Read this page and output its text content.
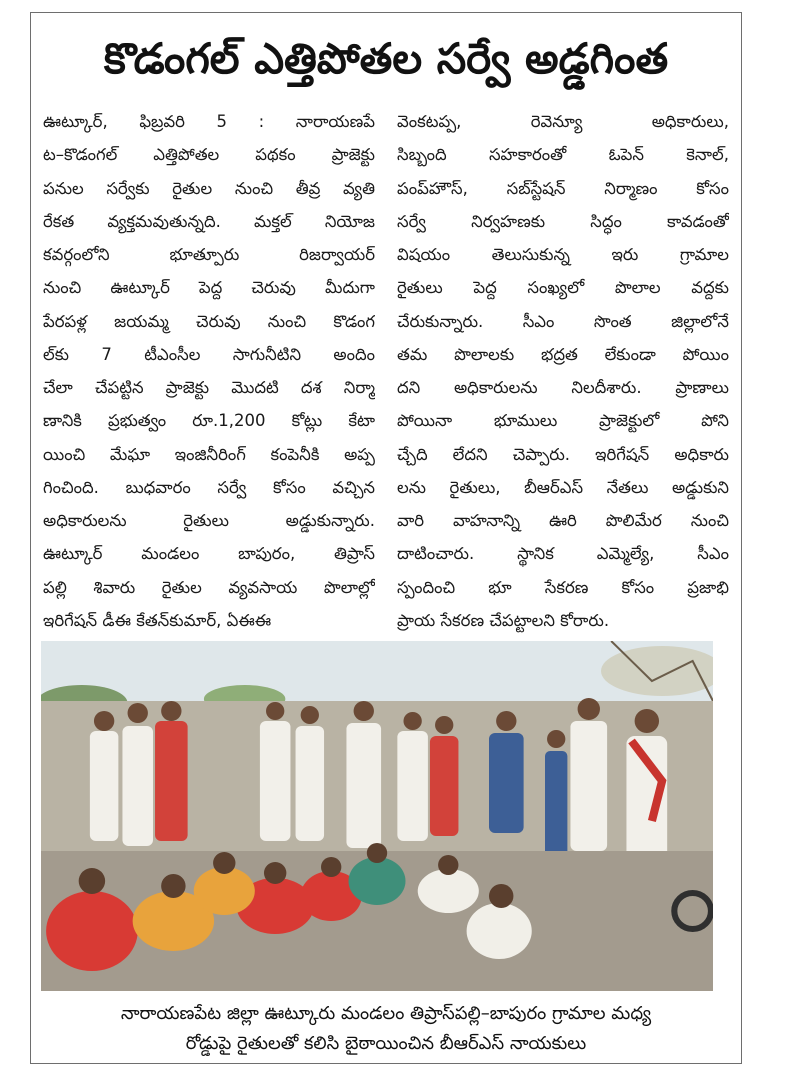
కొడంగల్ ఎత్తిపోతల సర్వే అడ్డగింత
ఊట్కూర్, ఫిబ్రవరి 5 : నారాయణపే
ట–కొడంగల్ ఎత్తిపోతల పథకం ప్రాజెక్టు
పనుల సర్వేకు రైతుల నుంచి తీవ్ర వ్యతి
రేకత వ్యక్తమవుతున్నది. మక్తల్ నియోజ
కవర్గంలోని భూత్పూరు రిజర్వాయర్
నుంచి ఊట్కూర్ పెద్ద చెరువు మీదుగా
పేరపళ్ల జయమ్మ చెరువు నుంచి కొడంగ
ల్‌కు 7 టీఎంసీల సాగునీటిని అందిం
చేలా చేపట్టిన ప్రాజెక్టు మొదటి దశ నిర్మా
ణానికి ప్రభుత్వం రూ.1,200 కోట్లు కేటా
యించి మేఘా ఇంజినీరింగ్ కంపెనీకి అప్ప
గించింది. బుధవారం సర్వే కోసం వచ్చిన
అధికారులను రైతులు అడ్డుకున్నారు.
ఊట్కూర్ మండలం బాపురం, తిప్రాస్
పల్లి శివారు రైతుల వ్యవసాయ పొలాల్లో
ఇరిగేషన్ డీఈ కేతన్‌కుమార్, ఏఈఈ
వెంకటప్ప, రెవెన్యూ అధికారులు,
సిబ్బంది సహకారంతో ఓపెన్ కెనాల్,
పంప్‌హౌస్, సబ్‌స్టేషన్ నిర్మాణం కోసం
సర్వే నిర్వహణకు సిద్ధం కావడంతో
విషయం తెలుసుకున్న ఇరు గ్రామాల
రైతులు పెద్ద సంఖ్యలో పొలాల వద్దకు
చేరుకున్నారు. సీఎం సొంత జిల్లాలోనే
తమ పొలాలకు భద్రత లేకుండా పోయిం
దని అధికారులను నిలదీశారు. ప్రాణాలు
పోయినా భూములు ప్రాజెక్టులో పోని
చ్చేది లేదని చెప్పారు. ఇరిగేషన్ అధికారు
లను రైతులు, బీఆర్‌ఎస్ నేతలు అడ్డుకుని
వారి వాహనాన్ని ఊరి పొలిమేర నుంచి
దాటించారు. స్థానిక ఎమ్మెల్యే, సీఎం
స్పందించి భూ సేకరణ కోసం ప్రజాభి
ప్రాయ సేకరణ చేపట్టాలని కోరారు.
నారాయణపేట జిల్లా ఊట్కూరు మండలం తిప్రాస్‌పల్లి–బాపురం గ్రామాల మధ్య
రోడ్డుపై రైతులతో కలిసి బైఠాయించిన బీఆర్‌ఎస్ నాయకులు
